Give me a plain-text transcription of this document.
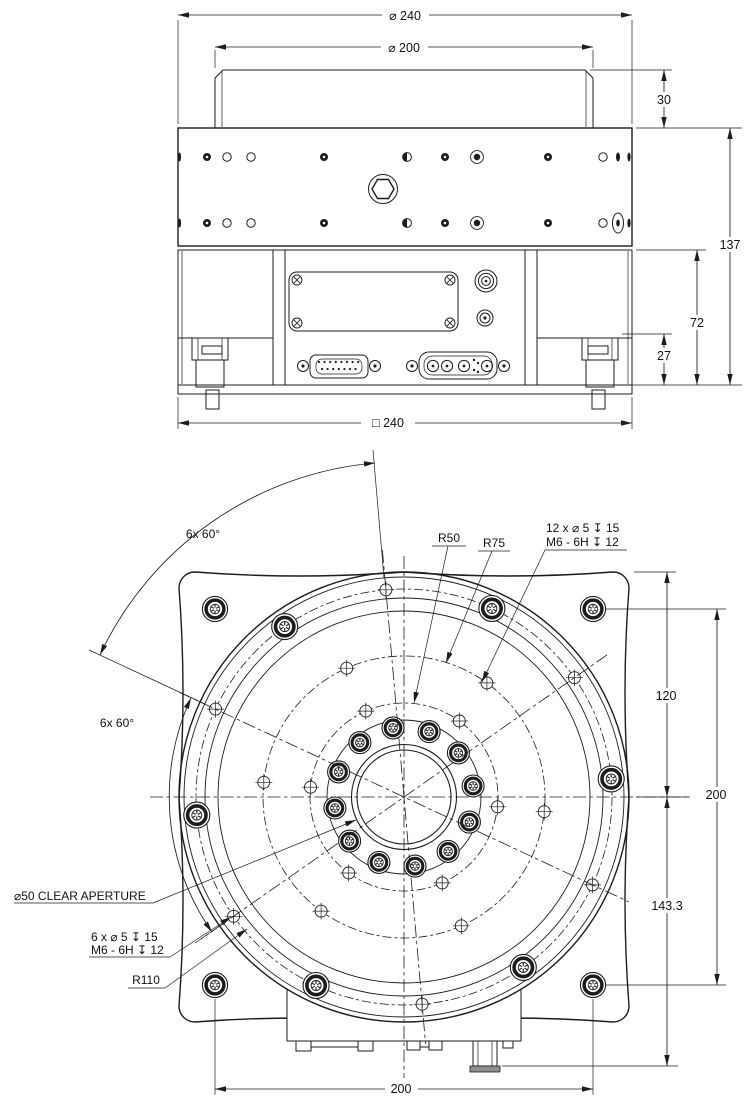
⌀ 240
⌀ 200
30
137
72
27
□ 240
6x 60°
6x 60°
R50 R75
12 x ⌀ 5 ↧ 15
M6 - 6H ↧ 12
120
200
143.3
⌀50 CLEAR APERTURE
6 x ⌀ 5 ↧ 15
M6 - 6H ↧ 12
R110
200
